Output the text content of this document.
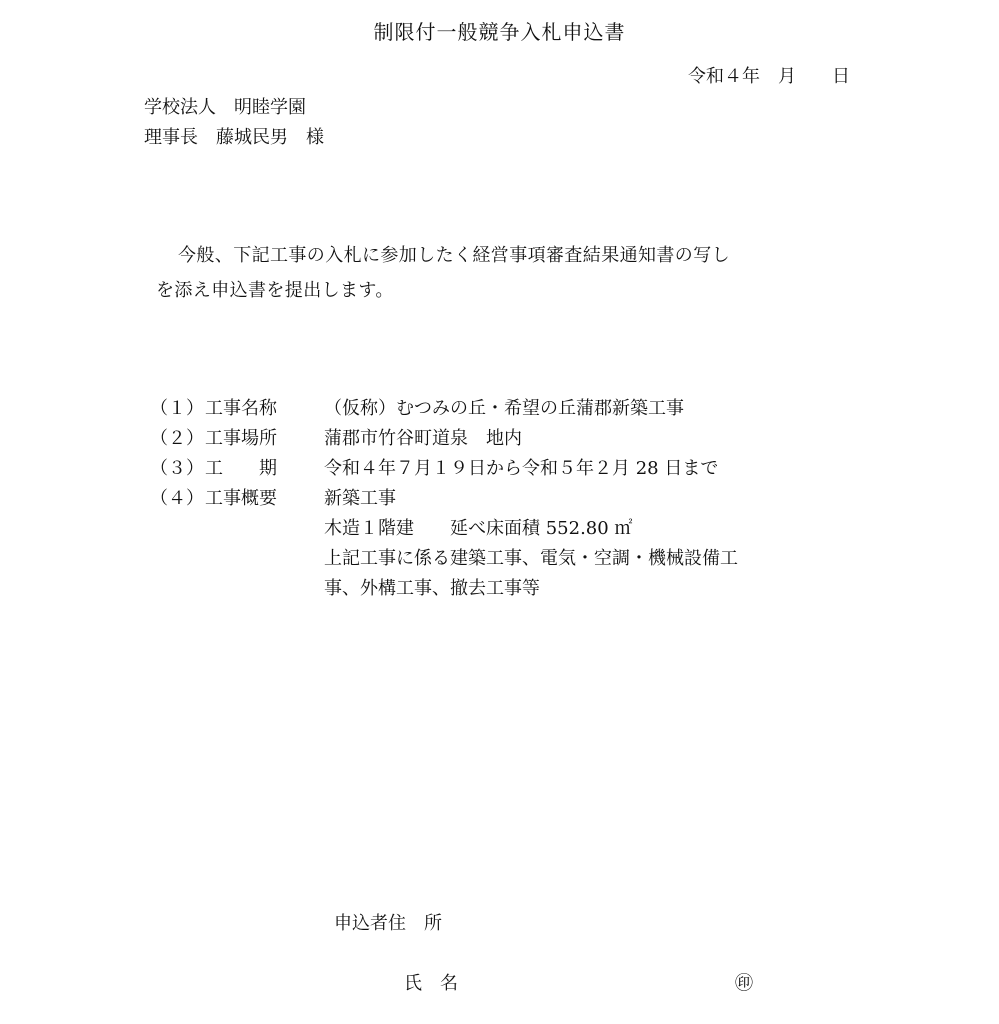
制限付一般競争入札申込書
令和４年　月　　日
学校法人　明睦学園
理事長　藤城民男　様
今般、下記工事の入札に参加したく経営事項審査結果通知書の写し
を添え申込書を提出します。
（１） 工事名称	（仮称）むつみの丘・希望の丘蒲郡新築工事
（２） 工事場所	蒲郡市竹谷町道泉　地内
（３） 工　　期	令和４年７月１９日から令和５年２月 28 日まで
（４） 工事概要	新築工事
木造１階建　　延べ床面積 552.80 ㎡
上記工事に係る建築工事、電気・空調・機械設備工
事、外構工事、撤去工事等
申込者 住　所
氏　名	㊞
